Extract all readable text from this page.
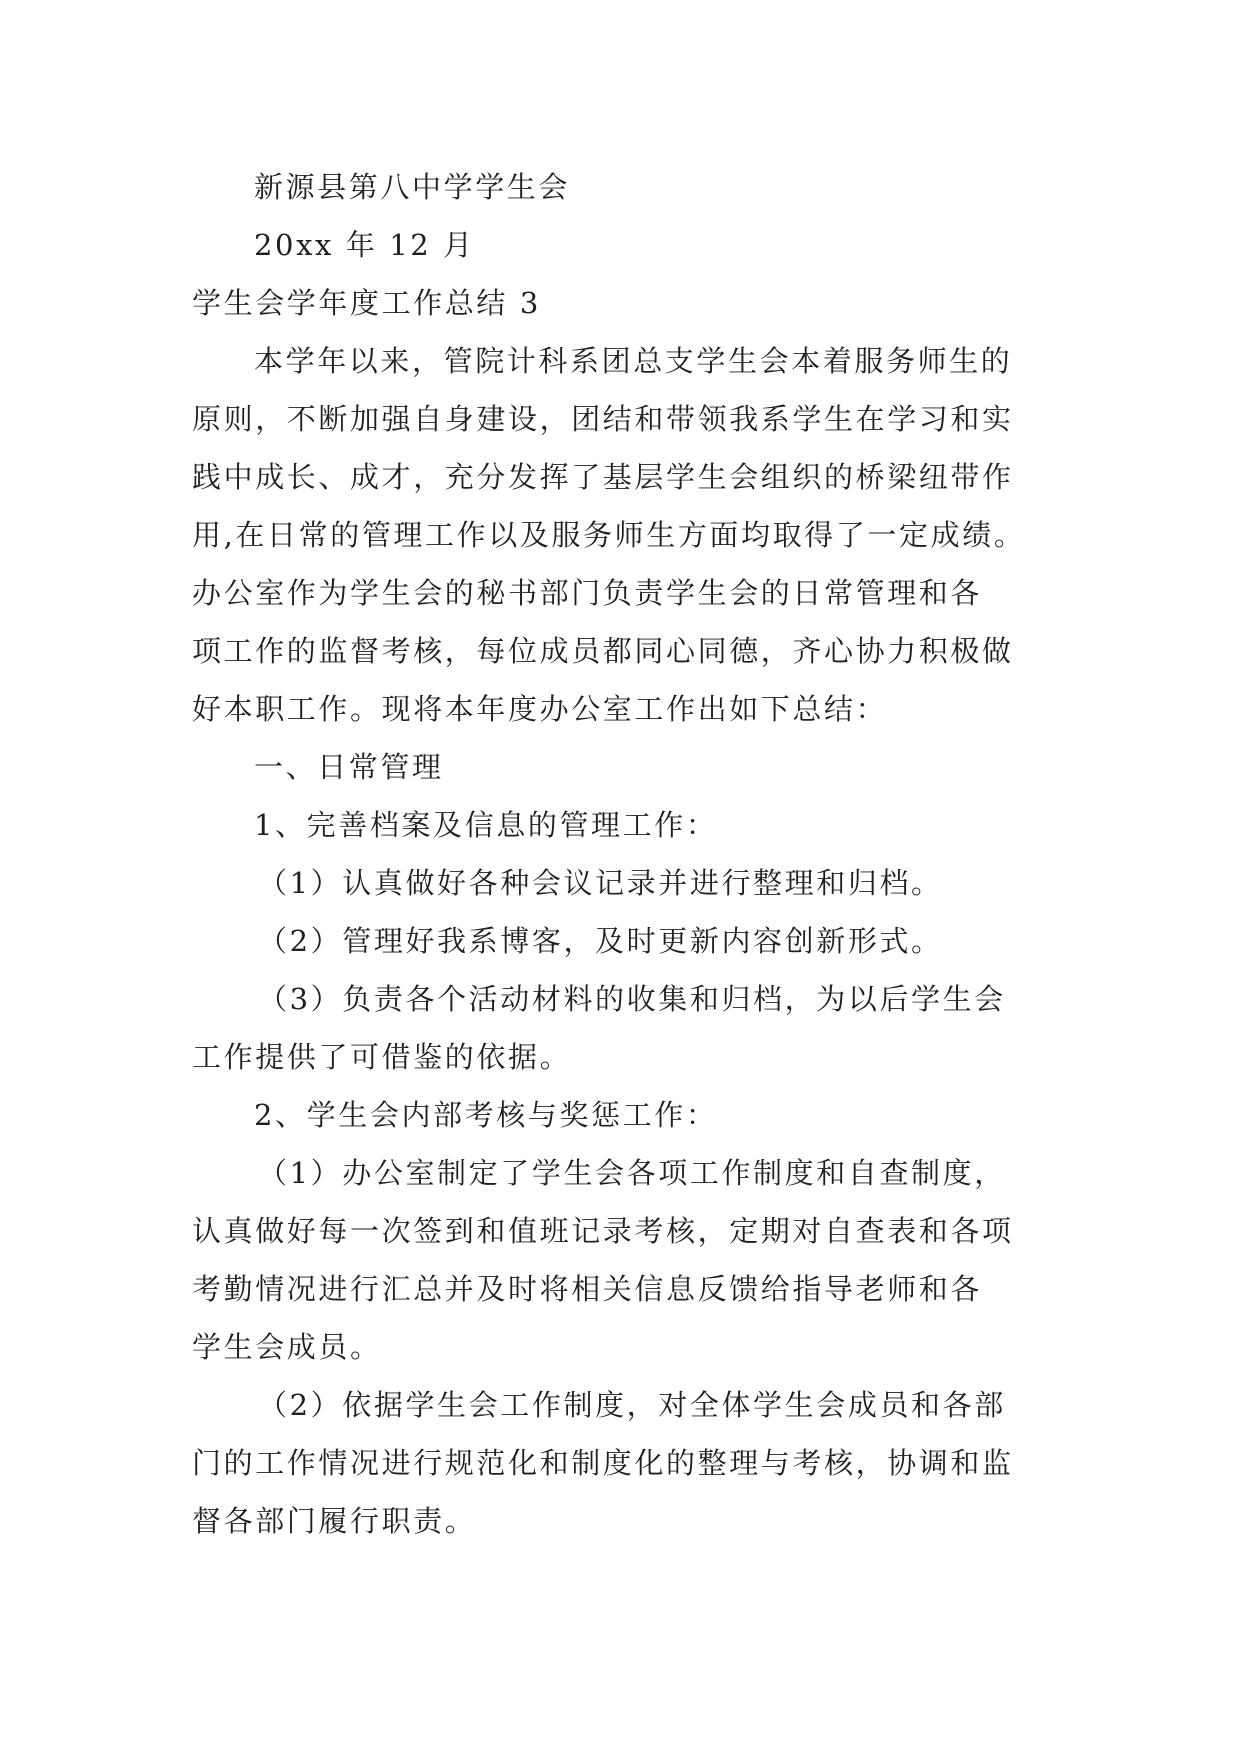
新源县第八中学学生会
20xx 年 12 月
学生会学年度工作总结 3
本学年以来，管院计科系团总支学生会本着服务师生的
原则，不断加强自身建设，团结和带领我系学生在学习和实
践中成长、成才，充分发挥了基层学生会组织的桥梁纽带作
用,在日常的管理工作以及服务师生方面均取得了一定成绩。
办公室作为学生会的秘书部门负责学生会的日常管理和各
项工作的监督考核，每位成员都同心同德，齐心协力积极做
好本职工作。现将本年度办公室工作出如下总结：
一、日常管理
1、完善档案及信息的管理工作：
（1）认真做好各种会议记录并进行整理和归档。
（2）管理好我系博客，及时更新内容创新形式。
（3）负责各个活动材料的收集和归档，为以后学生会
工作提供了可借鉴的依据。
2、学生会内部考核与奖惩工作：
（1）办公室制定了学生会各项工作制度和自查制度，
认真做好每一次签到和值班记录考核，定期对自查表和各项
考勤情况进行汇总并及时将相关信息反馈给指导老师和各
学生会成员。
（2）依据学生会工作制度，对全体学生会成员和各部
门的工作情况进行规范化和制度化的整理与考核，协调和监
督各部门履行职责。
